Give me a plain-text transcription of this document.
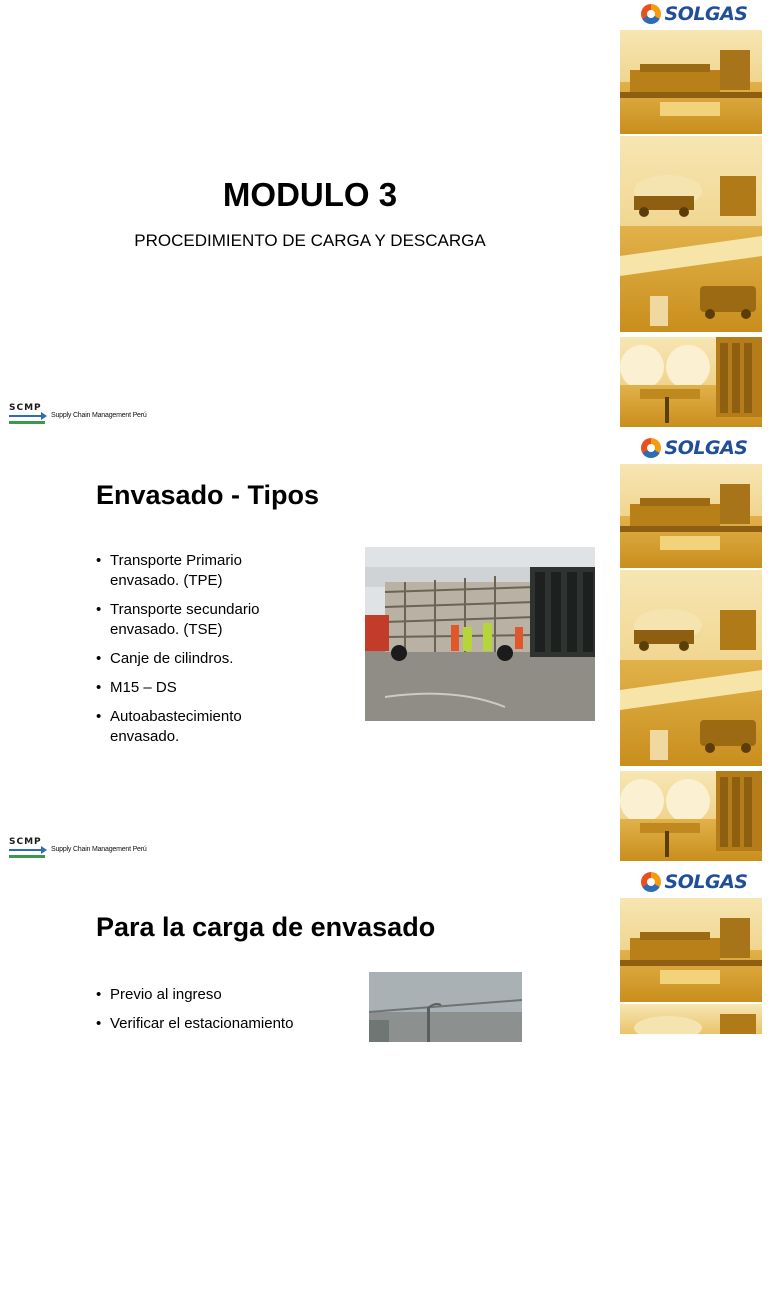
MODULO 3
PROCEDIMIENTO DE CARGA Y DESCARGA
SCMP
Supply Chain Management Perú
SOLGAS
Envasado - Tipos
• Transporte Primario
envasado. (TPE)
• Transporte secundario
envasado. (TSE)
• Canje de cilindros.
• M15 – DS
• Autoabastecimiento
envasado.
SCMP
Supply Chain Management Perú
SOLGAS
Para la carga de envasado
• Previo al ingreso
• Verificar el estacionamiento
SOLGAS
